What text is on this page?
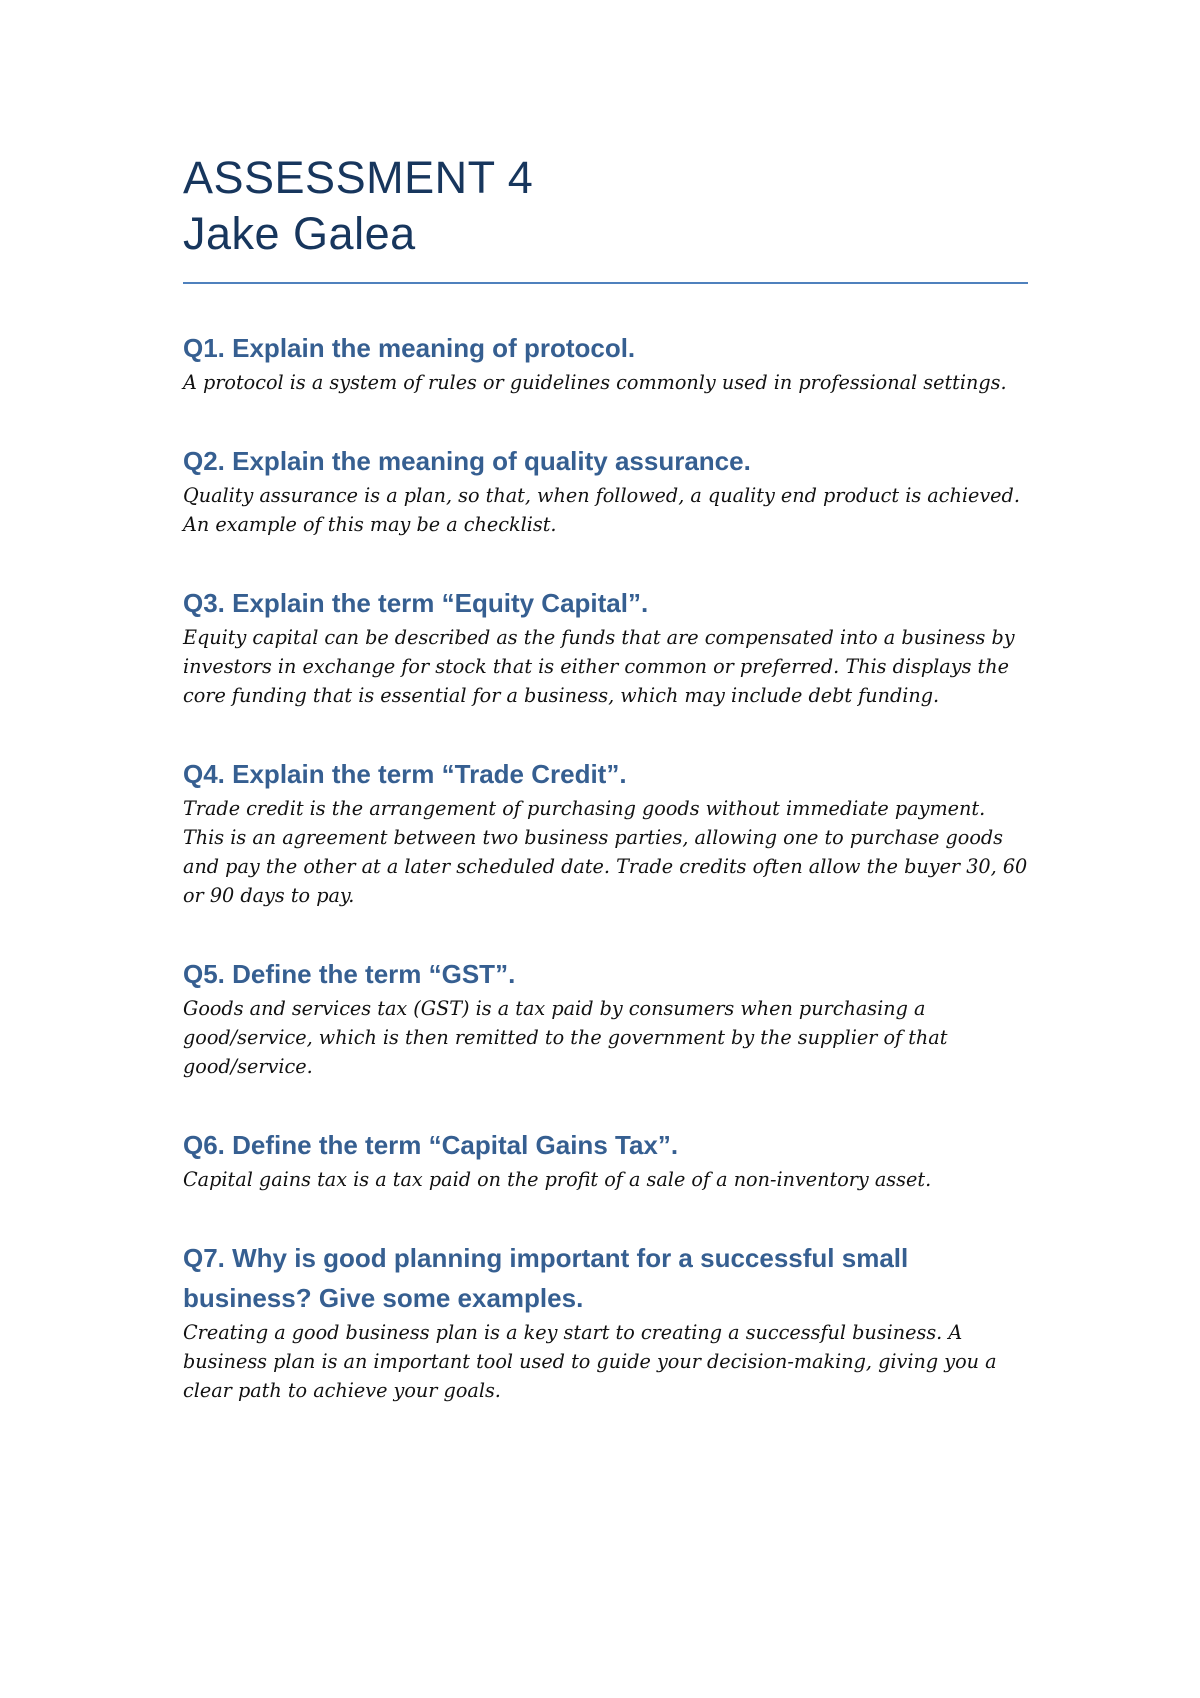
ASSESSMENT 4
Jake Galea

Q1. Explain the meaning of protocol.

A protocol is a system of rules or guidelines commonly used in professional settings.

Q2. Explain the meaning of quality assurance.

Quality assurance is a plan, so that, when followed, a quality end product is achieved. An example of this may be a checklist.

Q3. Explain the term “Equity Capital”.

Equity capital can be described as the funds that are compensated into a business by investors in exchange for stock that is either common or preferred. This displays the core funding that is essential for a business, which may include debt funding.

Q4. Explain the term “Trade Credit”.

Trade credit is the arrangement of purchasing goods without immediate payment. This is an agreement between two business parties, allowing one to purchase goods and pay the other at a later scheduled date. Trade credits often allow the buyer 30, 60 or 90 days to pay.

Q5. Define the term “GST”.

Goods and services tax (GST) is a tax paid by consumers when purchasing a good/service, which is then remitted to the government by the supplier of that good/service.

Q6. Define the term “Capital Gains Tax”.

Capital gains tax is a tax paid on the profit of a sale of a non-inventory asset.

Q7. Why is good planning important for a successful small business? Give some examples.

Creating a good business plan is a key start to creating a successful business. A business plan is an important tool used to guide your decision-making, giving you a clear path to achieve your goals.
